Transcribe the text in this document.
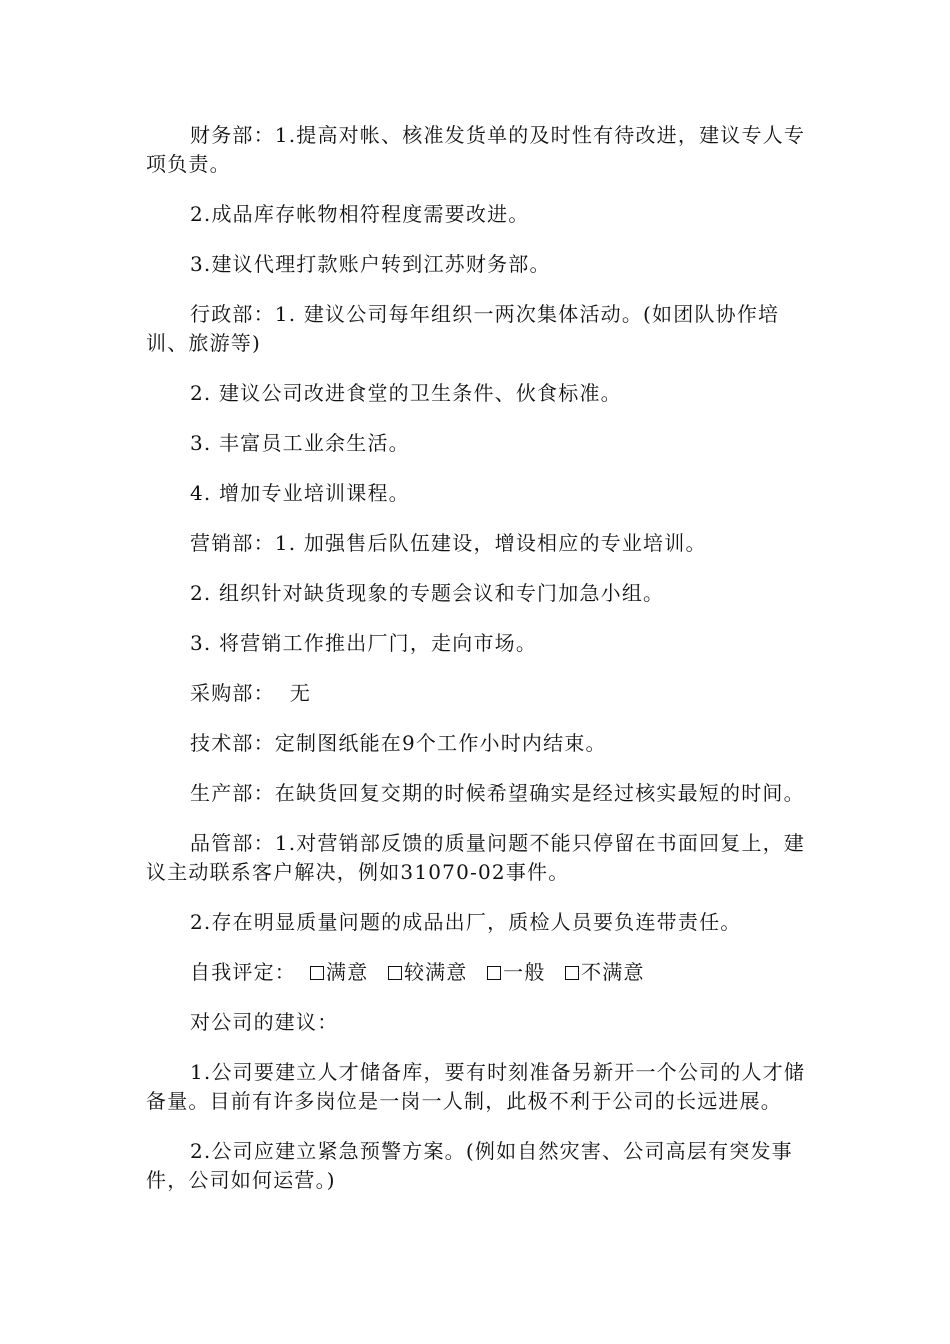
财务部：1.提高对帐、核准发货单的及时性有待改进，建议专人专项负责。

2.成品库存帐物相符程度需要改进。

3.建议代理打款账户转到江苏财务部。

行政部：1. 建议公司每年组织一两次集体活动。(如团队协作培训、旅游等)

2. 建议公司改进食堂的卫生条件、伙食标准。

3. 丰富员工业余生活。

4. 增加专业培训课程。

营销部：1. 加强售后队伍建设，增设相应的专业培训。

2. 组织针对缺货现象的专题会议和专门加急小组。

3. 将营销工作推出厂门，走向市场。

采购部：  无

技术部：定制图纸能在9个工作小时内结束。

生产部：在缺货回复交期的时候希望确实是经过核实最短的时间。

品管部：1.对营销部反馈的质量问题不能只停留在书面回复上，建议主动联系客户解决，例如31070-02事件。

2.存在明显质量问题的成品出厂，质检人员要负连带责任。

自我评定： 满意 较满意 一般 不满意

对公司的建议：

1.公司要建立人才储备库，要有时刻准备另新开一个公司的人才储备量。目前有许多岗位是一岗一人制，此极不利于公司的长远进展。

2.公司应建立紧急预警方案。(例如自然灾害、公司高层有突发事件，公司如何运营。)
